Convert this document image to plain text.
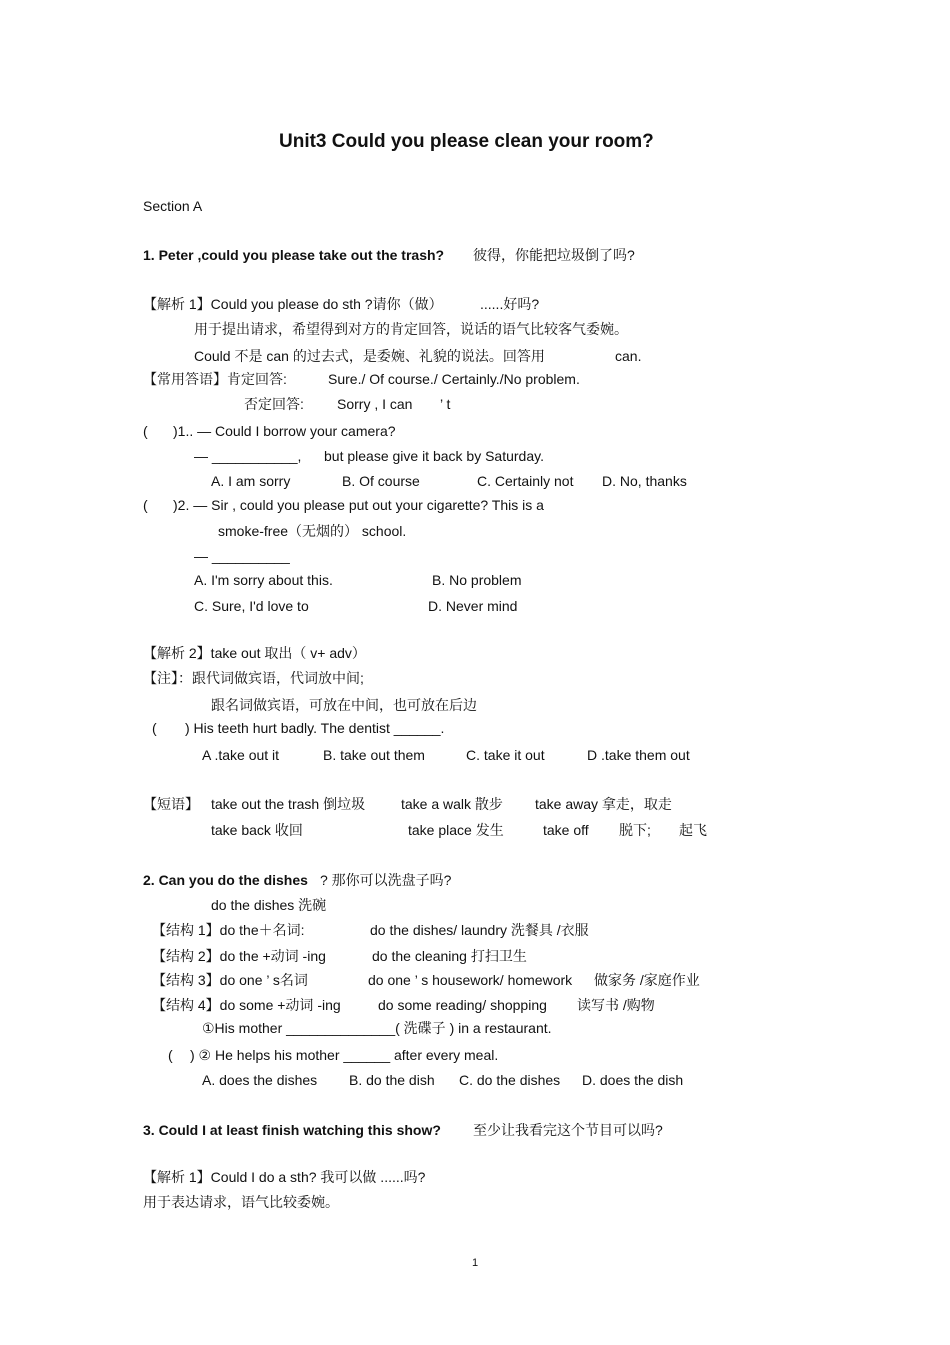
Unit3 Could you please clean your room?
Section A
1. Peter ,could you please take out the trash? 彼得，你能把垃圾倒了吗?
【解析 1】Could you please do sth ?请你（做）	......好吗?
用于提出请求，希望得到对方的肯定回答，说话的语气比较客气委婉。
Could 不是 can 的过去式，是委婉、礼貌的说法。回答用	can.
【常用答语】肯定回答:	Sure./ Of course./ Certainly./No problem.
否定回答: Sorry , I can ’ t
( )1.. — Could I borrow your camera?
— ___________, but please give it back by Saturday.
A. I am sorry	B. Of course	C. Certainly not D. No, thanks
( )2. — Sir , could you please put out your cigarette? This is a
smoke-free（无烟的） school.
— __________
A. I'm sorry about this.	B. No problem
C. Sure, I'd love to	D. Never mind
【解析 2】take out 取出（ v+ adv）
【注】：跟代词做宾语，代词放中间;
跟名词做宾语，可放在中间，也可放在后边
( ) His teeth hurt badly. The dentist ______.
A .take out it	B. take out them	C. take it out	D .take them out
【短语】 take out the trash 倒垃圾	take a walk 散步 take away 拿走，取走
take back 收回	take place 发生	take off 脱下; 起飞
2. Can you do the dishes ? 那你可以洗盘子吗?
do the dishes 洗碗
【结构 1】do the＋名词:	do the dishes/ laundry 洗餐具 /衣服
【结构 2】do the +动词 -ing	do the cleaning 打扫卫生
【结构 3】do one ’ s名词	do one ’ s housework/ homework 做家务 /家庭作业
【结构 4】do some +动词 -ing	do some reading/ shopping 读写书 /购物
①His mother ______________( 洗碟子 ) in a restaurant.
( ) ② He helps his mother ______ after every meal.
A. does the dishes B. do the dish C. do the dishes D. does the dish
3. Could I at least finish watching this show? 至少让我看完这个节目可以吗?
【解析 1】Could I do a sth? 我可以做 ......吗?
用于表达请求，语气比较委婉。
1
